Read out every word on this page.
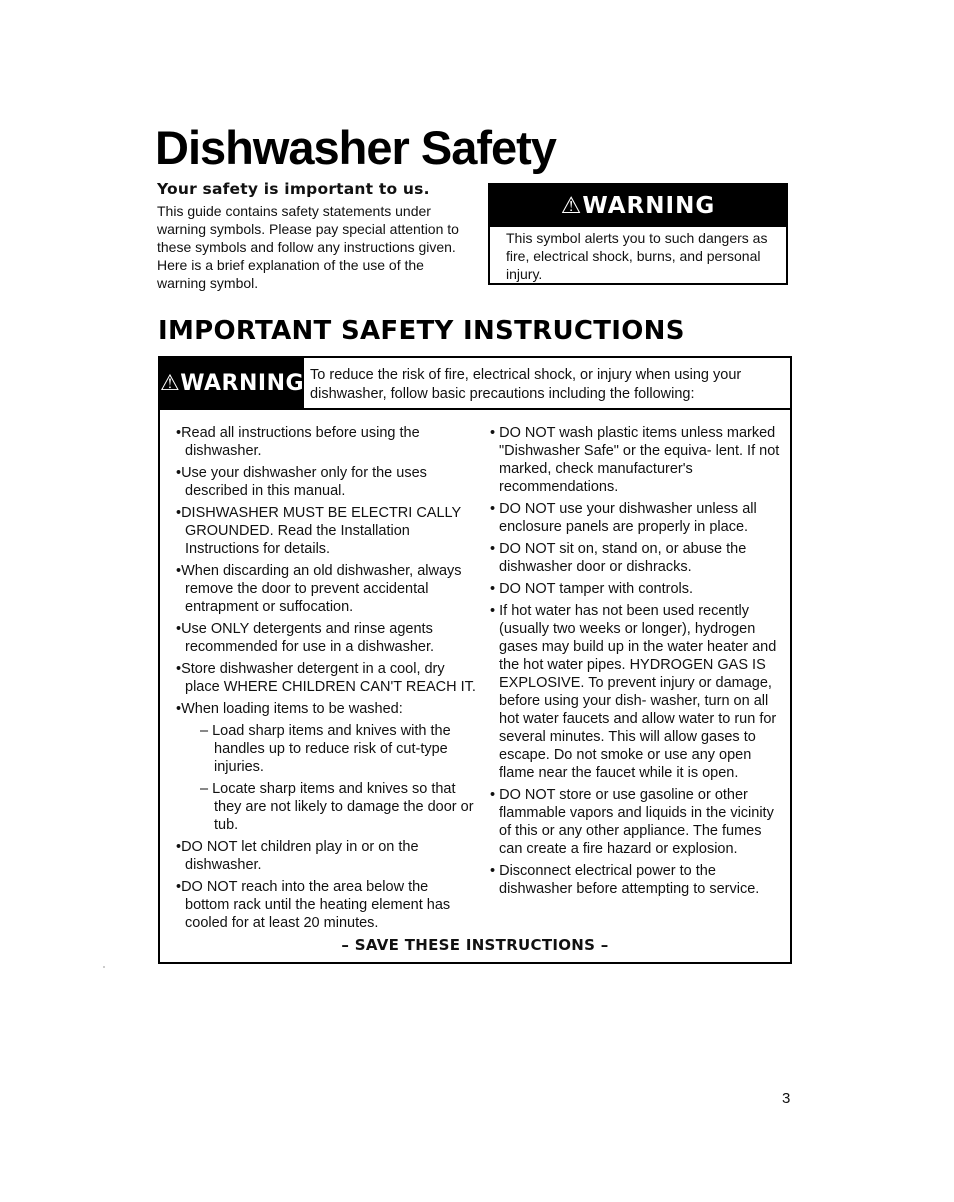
Dishwasher Safety

Your safety is important to us.

This guide contains safety statements under warning symbols. Please pay special attention to these symbols and follow any instructions given. Here is a brief explanation of the use of the warning symbol.

⚠WARNING
This symbol alerts you to such dangers as fire, electrical shock, burns, and personal injury.
IMPORTANT SAFETY INSTRUCTIONS
⚠WARNING To reduce the risk of fire, electrical shock, or injury when using your dishwasher, follow basic precautions including the following:

•Read all instructions before using the dishwasher.

•Use your dishwasher only for the uses described in this manual.

•DISHWASHER MUST BE ELECTRI CALLY GROUNDED. Read the Installation Instructions for details.

•When discarding an old dishwasher, always remove the door to prevent accidental entrapment or suffocation.

•Use ONLY detergents and rinse agents recommended for use in a dishwasher.

•Store dishwasher detergent in a cool, dry place WHERE CHILDREN CAN'T REACH IT.

•When loading items to be washed:

– Load sharp items and knives with the handles up to reduce risk of cut-type injuries.

– Locate sharp items and knives so that they are not likely to damage the door or tub.

•DO NOT let children play in or on the dishwasher.

•DO NOT reach into the area below the bottom rack until the heating element has cooled for at least 20 minutes.

• DO NOT wash plastic items unless marked "Dishwasher Safe" or the equiva- lent. If not marked, check manufacturer's recommendations.

• DO NOT use your dishwasher unless all enclosure panels are properly in place.

• DO NOT sit on, stand on, or abuse the dishwasher door or dishracks.

• DO NOT tamper with controls.

• If hot water has not been used recently (usually two weeks or longer), hydrogen gases may build up in the water heater and the hot water pipes. HYDROGEN GAS IS EXPLOSIVE. To prevent injury or damage, before using your dish- washer, turn on all hot water faucets and allow water to run for several minutes. This will allow gases to escape. Do not smoke or use any open flame near the faucet while it is open.

• DO NOT store or use gasoline or other flammable vapors and liquids in the vicinity of this or any other appliance. The fumes can create a fire hazard or explosion.

• Disconnect electrical power to the dishwasher before attempting to service.

– SAVE THESE INSTRUCTIONS –
3
